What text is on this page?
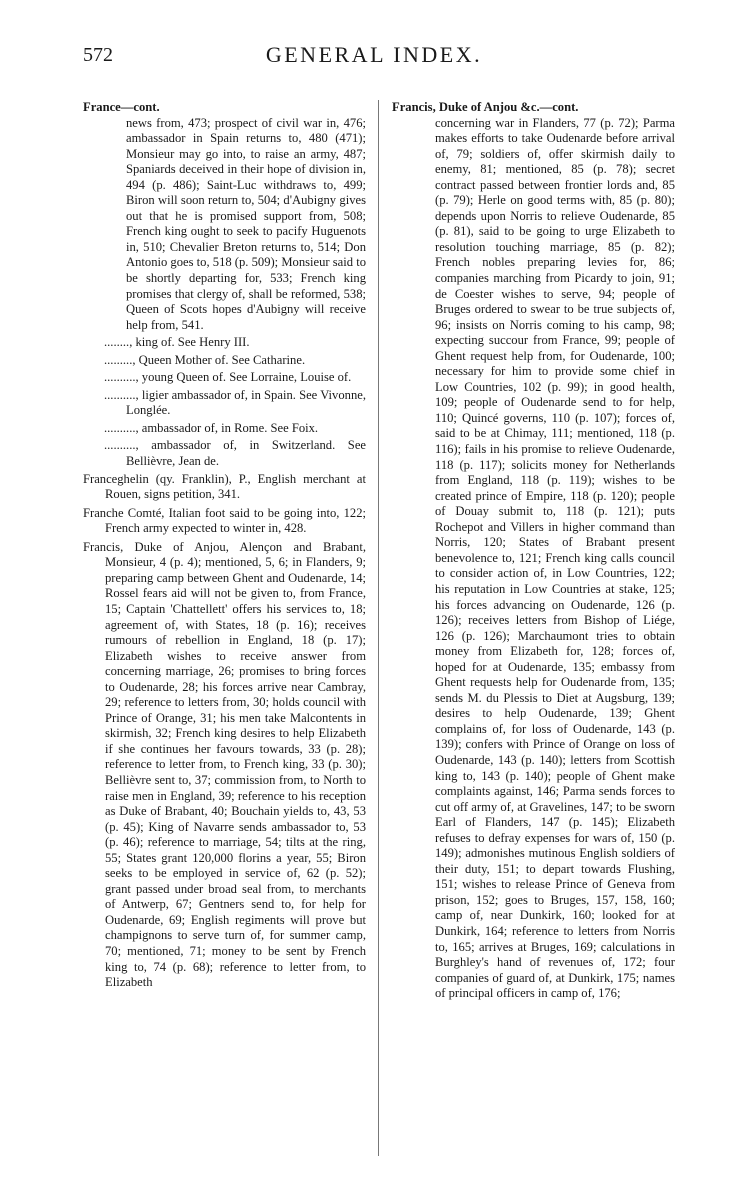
572	GENERAL INDEX.
France—cont.
news from, 473; prospect of civil war in, 476; ambassador in Spain returns to, 480 (471); Monsieur may go into, to raise an army, 487; Spaniards deceived in their hope of division in, 494 (p. 486); Saint-Luc withdraws to, 499; Biron will soon return to, 504; d'Aubigny gives out that he is promised support from, 508; French king ought to seek to pacify Huguenots in, 510; Chevalier Breton returns to, 514; Don Antonio goes to, 518 (p. 509); Monsieur said to be shortly departing for, 533; French king promises that clergy of, shall be reformed, 538; Queen of Scots hopes d'Aubigny will receive help from, 541.
........, king of. See Henry III.
........., Queen Mother of. See Catharine.
.........., young Queen of. See Lorraine, Louise of.
.........., ligier ambassador of, in Spain. See Vivonne, Longlée.
.........., ambassador of, in Rome. See Foix.
.........., ambassador of, in Switzerland. See Bellièvre, Jean de.
Franceghelin (qy. Franklin), P., English merchant at Rouen, signs petition, 341.
Franche Comté, Italian foot said to be going into, 122; French army expected to winter in, 428.
Francis, Duke of Anjou, Alençon and Brabant, Monsieur, 4 (p. 4); mentioned, 5, 6; in Flanders, 9; preparing camp between Ghent and Oudenarde, 14; Rossel fears aid will not be given to, from France, 15; Captain 'Chattellett' offers his services to, 18; agreement of, with States, 18 (p. 16); receives rumours of rebellion in England, 18 (p. 17); Elizabeth wishes to receive answer from concerning marriage, 26; promises to bring forces to Oudenarde, 28; his forces arrive near Cambray, 29; reference to letters from, 30; holds council with Prince of Orange, 31; his men take Malcontents in skirmish, 32; French king desires to help Elizabeth if she continues her favours towards, 33 (p. 28); reference to letter from, to French king, 33 (p. 30); Bellièvre sent to, 37; commission from, to North to raise men in England, 39; reference to his reception as Duke of Brabant, 40; Bouchain yields to, 43, 53 (p. 45); King of Navarre sends ambassador to, 53 (p. 46); reference to marriage, 54; tilts at the ring, 55; States grant 120,000 florins a year, 55; Biron seeks to be employed in service of, 62 (p. 52); grant passed under broad seal from, to merchants of Antwerp, 67; Gentners send to, for help for Oudenarde, 69; English regiments will prove but champignons to serve turn of, for summer camp, 70; mentioned, 71; money to be sent by French king to, 74 (p. 68); reference to letter from, to Elizabeth
Francis, Duke of Anjou &c.—cont.
concerning war in Flanders, 77 (p. 72); Parma makes efforts to take Oudenarde before arrival of, 79; soldiers of, offer skirmish daily to enemy, 81; mentioned, 85 (p. 78); secret contract passed between frontier lords and, 85 (p. 79); Herle on good terms with, 85 (p. 80); depends upon Norris to relieve Oudenarde, 85 (p. 81), said to be going to urge Elizabeth to resolution touching marriage, 85 (p. 82); French nobles preparing levies for, 86; companies marching from Picardy to join, 91; de Coester wishes to serve, 94; people of Bruges ordered to swear to be true subjects of, 96; insists on Norris coming to his camp, 98; expecting succour from France, 99; people of Ghent request help from, for Oudenarde, 100; necessary for him to provide some chief in Low Countries, 102 (p. 99); in good health, 109; people of Oudenarde send to for help, 110; Quincé governs, 110 (p. 107); forces of, said to be at Chimay, 111; mentioned, 118 (p. 116); fails in his promise to relieve Oudenarde, 118 (p. 117); solicits money for Netherlands from England, 118 (p. 119); wishes to be created prince of Empire, 118 (p. 120); people of Douay submit to, 118 (p. 121); puts Rochepot and Villers in higher command than Norris, 120; States of Brabant present benevolence to, 121; French king calls council to consider action of, in Low Countries, 122; his reputation in Low Countries at stake, 125; his forces advancing on Oudenarde, 126 (p. 126); receives letters from Bishop of Liége, 126 (p. 126); Marchaumont tries to obtain money from Elizabeth for, 128; forces of, hoped for at Oudenarde, 135; embassy from Ghent requests help for Oudenarde from, 135; sends M. du Plessis to Diet at Augsburg, 139; desires to help Oudenarde, 139; Ghent complains of, for loss of Oudenarde, 143 (p. 139); confers with Prince of Orange on loss of Oudenarde, 143 (p. 140); letters from Scottish king to, 143 (p. 140); people of Ghent make complaints against, 146; Parma sends forces to cut off army of, at Gravelines, 147; to be sworn Earl of Flanders, 147 (p. 145); Elizabeth refuses to defray expenses for wars of, 150 (p. 149); admonishes mutinous English soldiers of their duty, 151; to depart towards Flushing, 151; wishes to release Prince of Geneva from prison, 152; goes to Bruges, 157, 158, 160; camp of, near Dunkirk, 160; looked for at Dunkirk, 164; reference to letters from Norris to, 165; arrives at Bruges, 169; calculations in Burghley's hand of revenues of, 172; four companies of guard of, at Dunkirk, 175; names of principal officers in camp of, 176;
